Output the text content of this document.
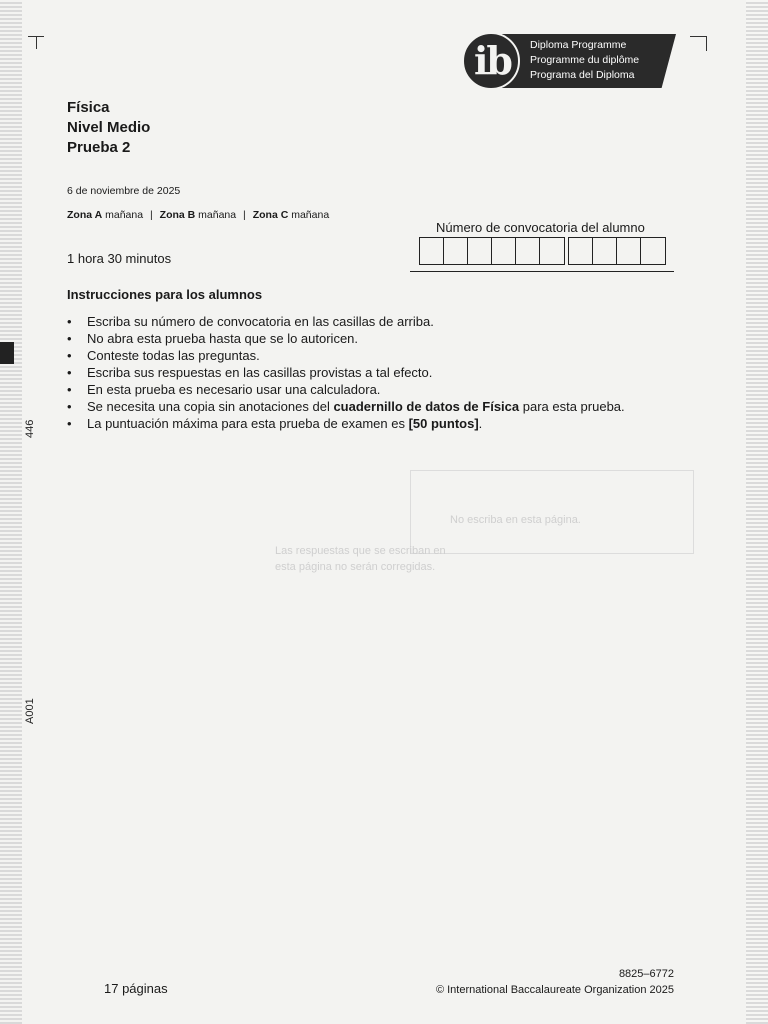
446
A001
No escriba en esta página.
Las respuestas que se escriban en
esta página no serán corregidas.
ib Diploma Programme
Programme du diplôme
Programa del Diploma
Física
Nivel Medio
Prueba 2
6 de noviembre de 2025
Zona A mañana | Zona B mañana | Zona C mañana
Número de convocatoria del alumno
1 hora 30 minutos
Instrucciones para los alumnos
• Escriba su número de convocatoria en las casillas de arriba.
• No abra esta prueba hasta que se lo autoricen.
• Conteste todas las preguntas.
• Escriba sus respuestas en las casillas provistas a tal efecto.
• En esta prueba es necesario usar una calculadora.
• Se necesita una copia sin anotaciones del cuadernillo de datos de Física para esta prueba.
• La puntuación máxima para esta prueba de examen es [50 puntos].
17 páginas
8825–6772
© International Baccalaureate Organization 2025
